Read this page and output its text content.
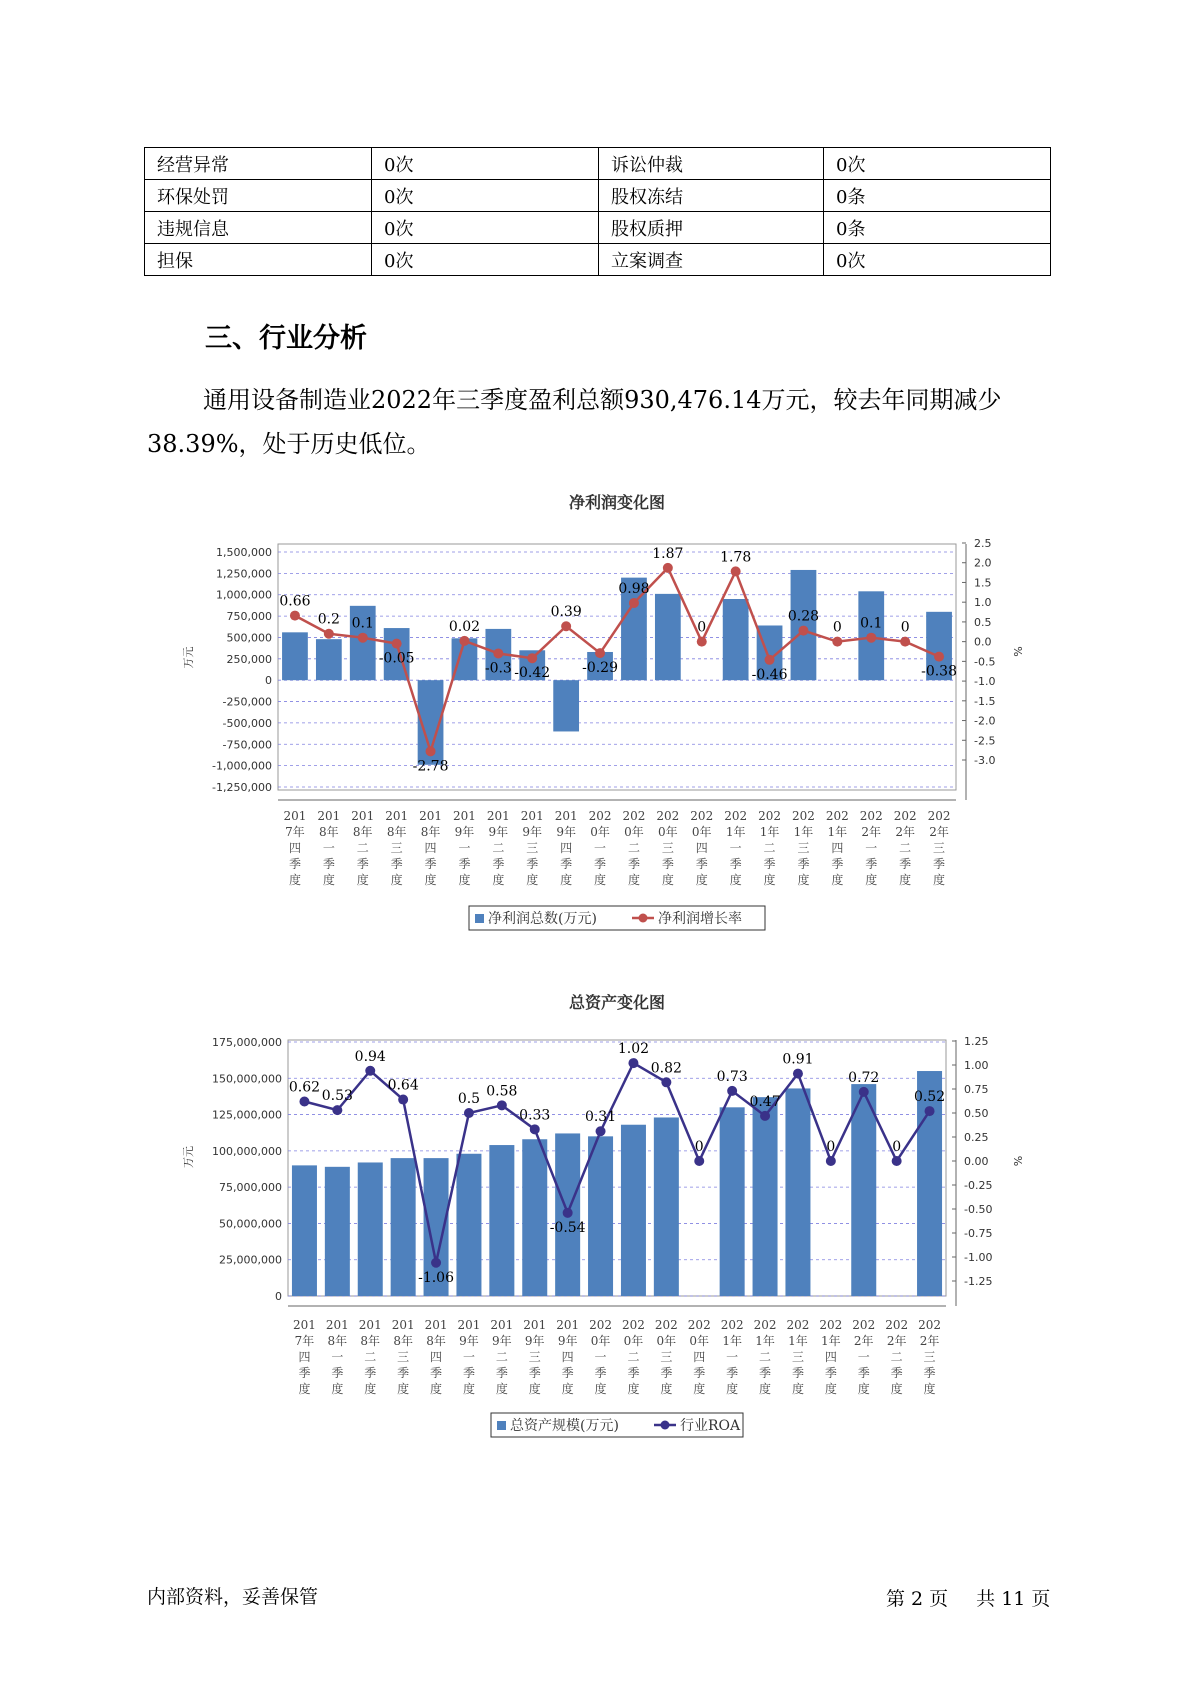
经营异常	0次	诉讼仲裁	0次
环保处罚	0次	股权冻结	0条
违规信息	0次	股权质押	0条
担保	0次	立案调查	0次
三、行业分析

通用设备制造业2022年三季度盈利总额930,476.14万元，较去年同期减少38.39%，处于历史低位。

净利润变化图
1,500,000
1,250,000
1,000,000
750,000
500,000
250,000
0
-250,000
-500,000
-750,000
-1,000,000
-1,250,000
2.5
2.0
1.5
1.0
0.5
0.0
-0.5
-1.0
-1.5
-2.0
-2.5
-3.0
万元	%
201
7年
四
季
度
201
8年
一
季
度
201
8年
二
季
度
201
8年
三
季
度
201
8年
四
季
度
201
9年
一
季
度
201
9年
二
季
度
201
9年
三
季
度
201
9年
四
季
度
202
0年
一
季
度
202
0年
二
季
度
202
0年
三
季
度
202
0年
四
季
度
202
1年
一
季
度
202
1年
二
季
度
202
1年
三
季
度
202
1年
四
季
度
202
2年
一
季
度
202
2年
二
季
度
202
2年
三
季
度
0.66
0.2 0.1
-0.05
-2.78
0.02
-0.3 -0.42
0.39
-0.29
0.98
1.87
0
1.78
-0.46
0.28
0 0.1 0
-0.38
净利润总数(万元)	净利润增长率
总资产变化图
175,000,000
150,000,000
125,000,000
100,000,000
75,000,000
50,000,000
25,000,000
0
1.25
1.00
0.75
0.50
0.25
0.00
-0.25
-0.50
-0.75
-1.00
-1.25
万元	%
201
7年
四
季
度
201
8年
一
季
度
201
8年
二
季
度
201
8年
三
季
度
201
8年
四
季
度
201
9年
一
季
度
201
9年
二
季
度
201
9年
三
季
度
201
9年
四
季
度
202
0年
一
季
度
202
0年
二
季
度
202
0年
三
季
度
202
0年
四
季
度
202
1年
一
季
度
202
1年
二
季
度
202
1年
三
季
度
202
1年
四
季
度
202
2年
一
季
度
202
2年
二
季
度
202
2年
三
季
度
0.62
0.53
0.94
0.64
-1.06
0.5 0.58
0.33
-0.54
0.31
1.02
0.82
0
0.73
0.47
0.91
0
0.72
0
0.52
总资产规模(万元)	行业ROA
内部资料，妥善保管	第 2 页 共 11 页
